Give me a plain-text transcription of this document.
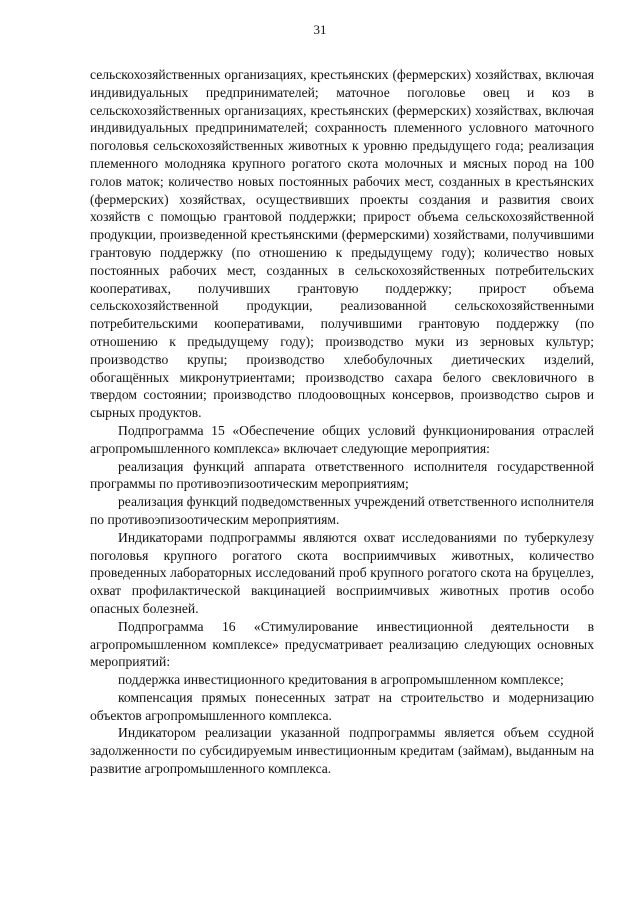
31

сельскохозяйственных организациях, крестьянских (фермерских) хозяйствах, включая индивидуальных предпринимателей; маточное поголовье овец и коз в сельскохозяйственных организациях, крестьянских (фермерских) хозяйствах, включая индивидуальных предпринимателей; сохранность племенного условного маточного поголовья сельскохозяйственных животных к уровню предыдущего года; реализация племенного молодняка крупного рогатого скота молочных и мясных пород на 100 голов маток; количество новых постоянных рабочих мест, созданных в крестьянских (фермерских) хозяйствах, осуществивших проекты создания и развития своих хозяйств с помощью грантовой поддержки; прирост объема сельскохозяйственной продукции, произведенной крестьянскими (фермерскими) хозяйствами, получившими грантовую поддержку (по отношению к предыдущему году); количество новых постоянных рабочих мест, созданных в сельскохозяйственных потребительских кооперативах, получивших грантовую поддержку; прирост объема сельскохозяйственной продукции, реализованной сельскохозяйственными потребительскими кооперативами, получившими грантовую поддержку (по отношению к предыдущему году); производство муки из зерновых культур; производство крупы; производство хлебобулочных диетических изделий, обогащённых микронутриентами; производство сахара белого свекловичного в твердом состоянии; производство плодоовощных консервов, производство сыров и сырных продуктов.

Подпрограмма 15 «Обеспечение общих условий функционирования отраслей агропромышленного комплекса» включает следующие мероприятия:

реализация функций аппарата ответственного исполнителя государственной программы по противоэпизоотическим мероприятиям;

реализация функций подведомственных учреждений ответственного исполнителя по противоэпизоотическим мероприятиям.

Индикаторами подпрограммы являются охват исследованиями по туберкулезу поголовья крупного рогатого скота восприимчивых животных, количество проведенных лабораторных исследований проб крупного рогатого скота на бруцеллез, охват профилактической вакцинацией восприимчивых животных против особо опасных болезней.

Подпрограмма 16 «Стимулирование инвестиционной деятельности в агропромышленном комплексе» предусматривает реализацию следующих основных мероприятий:

поддержка инвестиционного кредитования в агропромышленном комплексе;

компенсация прямых понесенных затрат на строительство и модернизацию объектов агропромышленного комплекса.

Индикатором реализации указанной подпрограммы является объем ссудной задолженности по субсидируемым инвестиционным кредитам (займам), выданным на развитие агропромышленного комплекса.
